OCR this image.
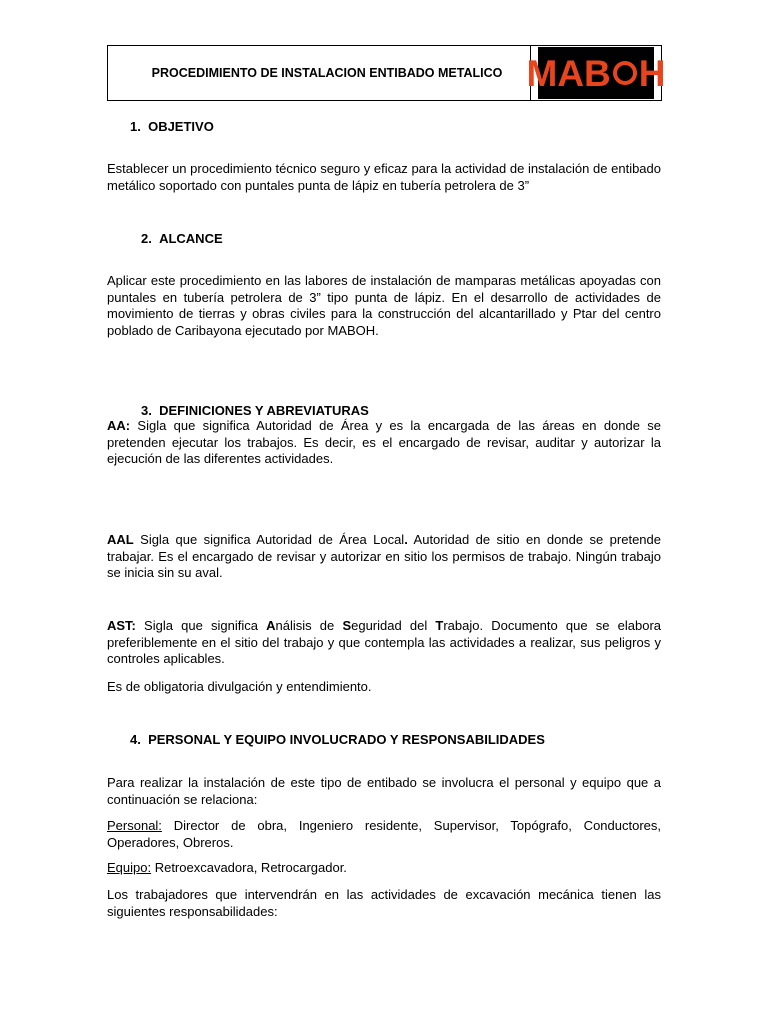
PROCEDIMIENTO DE INSTALACION ENTIBADO METALICO MAB H
1. OBJETIVO
Establecer un procedimiento técnico seguro y eficaz para la actividad de instalación de entibado metálico soportado con puntales punta de lápiz en tubería petrolera de 3”
2. ALCANCE
Aplicar este procedimiento en las labores de instalación de mamparas metálicas apoyadas con puntales en tubería petrolera de 3” tipo punta de lápiz. En el desarrollo de actividades de movimiento de tierras y obras civiles para la construcción del alcantarillado y Ptar del centro poblado de Caribayona ejecutado por MABOH.
3. DEFINICIONES Y ABREVIATURAS
AA: Sigla que significa Autoridad de Área y es la encargada de las áreas en donde se pretenden ejecutar los trabajos. Es decir, es el encargado de revisar, auditar y autorizar la ejecución de las diferentes actividades.
AAL Sigla que significa Autoridad de Área Local. Autoridad de sitio en donde se pretende trabajar. Es el encargado de revisar y autorizar en sitio los permisos de trabajo. Ningún trabajo se inicia sin su aval.
AST: Sigla que significa Análisis de Seguridad del Trabajo. Documento que se elabora preferiblemente en el sitio del trabajo y que contempla las actividades a realizar, sus peligros y controles aplicables.
Es de obligatoria divulgación y entendimiento.
4. PERSONAL Y EQUIPO INVOLUCRADO Y RESPONSABILIDADES
Para realizar la instalación de este tipo de entibado se involucra el personal y equipo que a continuación se relaciona:
Personal: Director de obra, Ingeniero residente, Supervisor, Topógrafo, Conductores, Operadores, Obreros.
Equipo: Retroexcavadora, Retrocargador.
Los trabajadores que intervendrán en las actividades de excavación mecánica tienen las siguientes responsabilidades:
